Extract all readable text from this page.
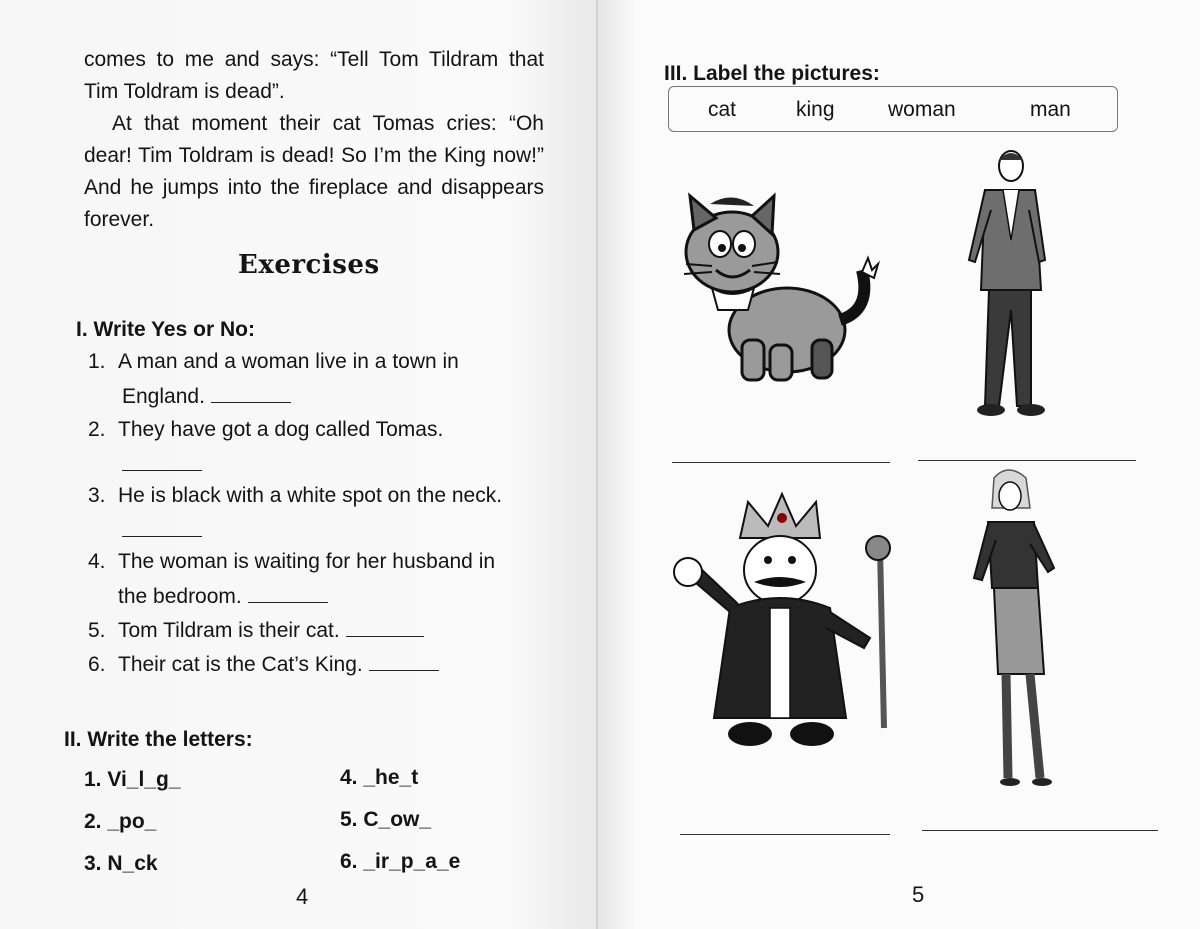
comes to me and says: “Tell Tom Tildram that Tim Toldram is dead”.

At that moment their cat Tomas cries: “Oh dear! Tim Toldram is dead! So I’m the King now!” And he jumps into the fireplace and disappears forever.

Exercises
I. Write Yes or No:
1. A man and a woman live in a town in
England.
2. They have got a dog called Tomas.
3. He is black with a white spot on the neck.
4. The woman is waiting for her husband in
the bedroom.
5. Tom Tildram is their cat.
6. Their cat is the Cat’s King.
II. Write the letters:
1. Vi_l_g_
2. _po_
3. N_ck
4. _he_t
5. C_ow_
6. _ir_p_a_e
4
III. Label the pictures:
cat	king	woman	man
5
